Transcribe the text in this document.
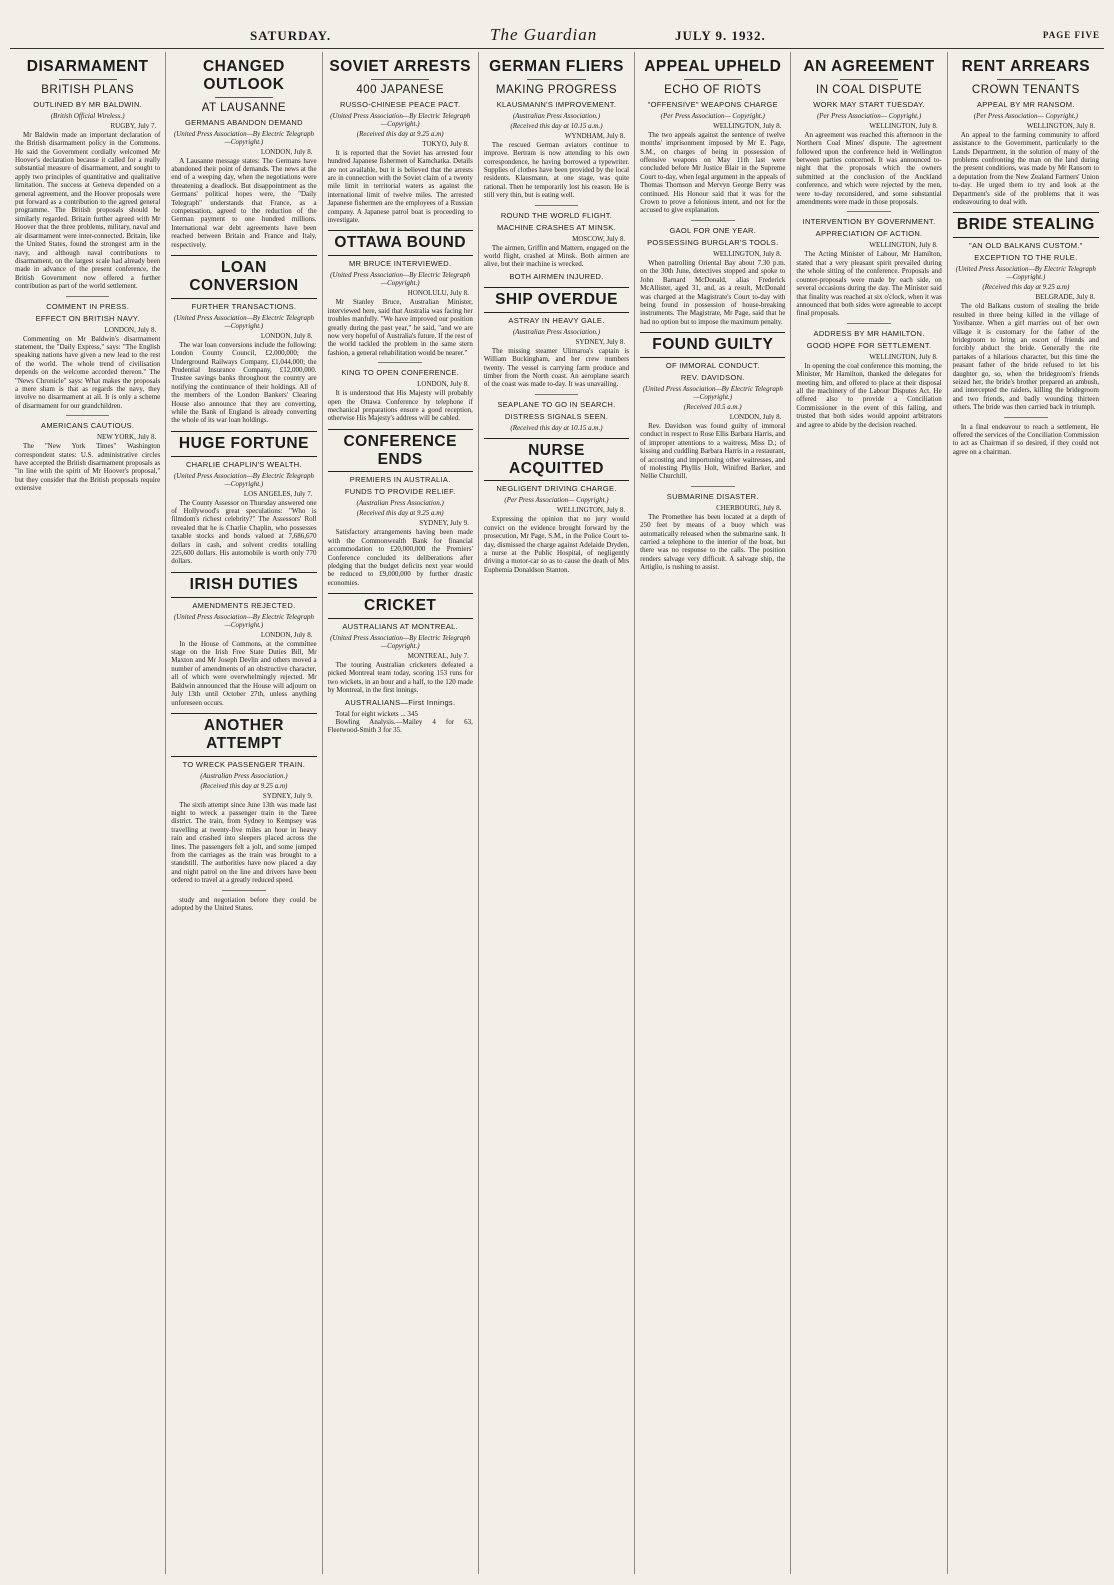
SATURDAY.	The Guardian	JULY 9. 1932.	PAGE FIVE
DISARMAMENT
BRITISH PLANS
OUTLINED BY MR BALDWIN.
(British Official Wireless.)
RUGBY, July 7.

Mr Baldwin made an important declaration of the British disarmament policy in the Commons. He said the Government cordially welcomed Mr Hoover's declaration because it called for a really substantial measure of disarmament, and sought to apply two principles of quantitative and qualitative limitation. The success at Geneva depended on a general agreement, and the Hoover proposals were put forward as a contribution to the agreed general programme. The British proposals should be similarly regarded. Britain further agreed with Mr Hoover that the three problems, military, naval and air disarmament were inter-connected. Britain, like the United States, found the strongest arm in the navy, and although naval contributions to disarmament, on the largest scale had already been made in advance of the present conference, the British Government now offered a further contribution as part of the world settlement.

COMMENT IN PRESS.
EFFECT ON BRITISH NAVY.
LONDON, July 8.

Commenting on Mr Baldwin's disarmament statement, the "Daily Express," says: "The English speaking nations have given a new lead to the rest of the world. The whole trend of civilisation depends on the welcome accorded thereon." The "News Chronicle" says: What makes the proposals a mere sham is that as regards the navy, they involve no disarmament at all. It is only a scheme of disarmament for our grandchildren.

AMERICANS CAUTIOUS.
NEW YORK, July 8.

The "New York Times" Washington correspondent states: U.S. administrative circles have accepted the British disarmament proposals as "in line with the spirit of Mr Hoover's proposal," but they consider that the British proposals require extensive

CHANGED OUTLOOK
AT LAUSANNE
GERMANS ABANDON DEMAND
(United Press Association—By Electric Telegraph—Copyright.)
LONDON, July 8.

A Lausanne message states: The Germans have abandoned their point of demands. The news at the end of a weeping day, when the negotiations were threatening a deadlock. But disappointment as the Germans' political hopes were, the "Daily Telegraph" understands that France, as a compensation, agreed to the reduction of the German payment to one hundred millions. International war debt agreements have been reached between Britain and France and Italy, respectively.

LOAN CONVERSION
FURTHER TRANSACTIONS.
(United Press Association—By Electric Telegraph—Copyright.)
LONDON, July 8.

The war loan conversions include the following: London County Council, £2,000,000; the Underground Railways Company, £1,044,000; the Prudential Insurance Company, £12,000,000. Trustee savings banks throughout the country are notifying the continuance of their holdings. All of the members of the London Bankers' Clearing House also announce that they are converting, while the Bank of England is already converting the whole of its war loan holdings.

HUGE FORTUNE
CHARLIE CHAPLIN'S WEALTH.
(United Press Association—By Electric Telegraph—Copyright.)
LOS ANGELES, July 7.

The County Assessor on Thursday answered one of Hollywood's great speculations: "Who is filmdom's richest celebrity?" The Assessors' Roll revealed that he is Charlie Chaplin, who possesses taxable stocks and bonds valued at 7,686,670 dollars in cash, and solvent credits totalling 225,600 dollars. His automobile is worth only 770 dollars.

IRISH DUTIES
AMENDMENTS REJECTED.
(United Press Association—By Electric Telegraph—Copyright.)
LONDON, July 8.

In the House of Commons, at the committee stage on the Irish Free State Duties Bill, Mr Maxton and Mr Joseph Devlin and others moved a number of amendments of an obstructive character, all of which were overwhelmingly rejected. Mr Baldwin announced that the House will adjourn on July 13th until October 27th, unless anything unforeseen occurs.

ANOTHER ATTEMPT
TO WRECK PASSENGER TRAIN.
(Australian Press Association.)
(Received this day at 9.25 a.m)
SYDNEY, July 9.

The sixth attempt since June 13th was made last night to wreck a passenger train in the Taree district. The train, from Sydney to Kempsey was travelling at twenty-five miles an hour in heavy rain and crashed into sleepers placed across the lines. The passengers felt a jolt, and some jumped from the carriages as the train was brought to a standstill. The authorities have now placed a day and night patrol on the line and drivers have been ordered to travel at a greatly reduced speed.

study and negotiation before they could be adopted by the United States.

SOVIET ARRESTS
400 JAPANESE
RUSSO-CHINESE PEACE PACT.
(United Press Association—By Electric Telegraph—Copyright.)
(Received this day at 9.25 a.m)
TOKYO, July 8.

It is reported that the Soviet has arrested four hundred Japanese fishermen of Kamchatka. Details are not available, but it is believed that the arrests are in connection with the Soviet claim of a twenty mile limit in territorial waters as against the international limit of twelve miles. The arrested Japanese fishermen are the employees of a Russian company. A Japanese patrol boat is proceeding to investigate.

OTTAWA BOUND
MR BRUCE INTERVIEWED.
(United Press Association—By Electric Telegraph—Copyright.)
HONOLULU, July 8.

Mr Stanley Bruce, Australian Minister, interviewed here, said that Australia was facing her troubles manfully. "We have improved our position greatly during the past year," he said, "and we are now very hopeful of Australia's future. If the rest of the world tackled the problem in the same stern fashion, a general rehabilitation would be nearer."

KING TO OPEN CONFERENCE.
LONDON, July 8.

It is understood that His Majesty will probably open the Ottawa Conference by telephone if mechanical preparations ensure a good reception, otherwise His Majesty's address will be cabled.

CONFERENCE ENDS
PREMIERS IN AUSTRALIA.
FUNDS TO PROVIDE RELIEF.
(Australian Press Association.)
(Received this day at 9.25 a.m)
SYDNEY, July 9.

Satisfactory arrangements having been made with the Commonwealth Bank for financial accommodation to £20,000,000 the Premiers' Conference concluded its deliberations after pledging that the budget deficits next year would be reduced to £9,000,000 by further drastic economies.

CRICKET
AUSTRALIANS AT MONTREAL.
(United Press Association—By Electric Telegraph—Copyright.)
MONTREAL, July 7.

The touring Australian cricketers defeated a picked Montreal team today, scoring 153 runs for two wickets, in an hour and a half, to the 120 made by Montreal, in the first innings.

AUSTRALIANS—First Innings.

Total for eight wickets ... 345

Bowling Analysis.—Mailey 4 for 63, Fleetwood-Smith 3 for 35.

GERMAN FLIERS
MAKING PROGRESS
KLAUSMANN'S IMPROVEMENT.
(Australian Press Association.)
(Received this day at 10.15 a.m.)
WYNDHAM, July 8.

The rescued German aviators continue to improve. Bertram is now attending to his own correspondence, he having borrowed a typewriter. Supplies of clothes have been provided by the local residents. Klausmann, at one stage, was quite rational. Then he temporarily lost his reason. He is still very thin, but is eating well.

ROUND THE WORLD FLIGHT.
MACHINE CRASHES AT MINSK.
MOSCOW, July 8.

The airmen, Griffin and Mattern, engaged on the world flight, crashed at Minsk. Both airmen are alive, but their machine is wrecked.

BOTH AIRMEN INJURED.
SHIP OVERDUE
ASTRAY IN HEAVY GALE.
(Australian Press Association.)
SYDNEY, July 8.

The missing steamer Ulimaroa's captain is William Buckingham, and her crew numbers twenty. The vessel is carrying farm produce and timber from the North coast. An aeroplane search of the coast was made to-day. It was unavailing.

SEAPLANE TO GO IN SEARCH.
DISTRESS SIGNALS SEEN.
(Received this day at 10.15 a.m.)
NURSE ACQUITTED
NEGLIGENT DRIVING CHARGE.
(Per Press Association— Copyright.)
WELLINGTON, July 8.

Expressing the opinion that no jury would convict on the evidence brought forward by the prosecution, Mr Page, S.M., in the Police Court to-day, dismissed the charge against Adelaide Dryden, a nurse at the Public Hospital, of negligently driving a motor-car so as to cause the death of Mrs Euphemia Donaldson Stanton.

APPEAL UPHELD
ECHO OF RIOTS
"OFFENSIVE" WEAPONS CHARGE
(Per Press Association— Copyright.)
WELLINGTON, July 8.

The two appeals against the sentence of twelve months' imprisonment imposed by Mr E. Page, S.M., on charges of being in possession of offensive weapons on May 11th last were concluded before Mr Justice Blair in the Supreme Court to-day, when legal argument in the appeals of Thomas Thomson and Mervyn George Berry was continued. His Honour said that it was for the Crown to prove a felonious intent, and not for the accused to give explanation.

GAOL FOR ONE YEAR.
POSSESSING BURGLAR'S TOOLS.
WELLINGTON, July 8.

When patrolling Oriental Bay about 7.30 p.m. on the 30th June, detectives stopped and spoke to John Barnard McDonald, alias Frederick McAllister, aged 31, and, as a result, McDonald was charged at the Magistrate's Court to-day with being found in possession of house-breaking instruments. The Magistrate, Mr Page, said that he had no option but to impose the maximum penalty.

FOUND GUILTY
OF IMMORAL CONDUCT.
REV. DAVIDSON.
(United Press Association—By Electric Telegraph—Copyright.)
(Received 10.5 a.m.)
LONDON, July 8.

Rev. Davidson was found guilty of immoral conduct in respect to Rose Ellis Barbara Harris, and of improper attentions to a waitress, Miss D.; of kissing and cuddling Barbara Harris in a restaurant, of accosting and importuning other waitresses, and of molesting Phyllis Holt, Winifred Barker, and Nellie Churchill.

SUBMARINE DISASTER.
CHERBOURG, July 8.

The Promethee has been located at a depth of 250 feet by means of a buoy which was automatically released when the submarine sank. It carried a telephone to the interior of the boat, but there was no response to the calls. The position renders salvage very difficult. A salvage ship, the Artiglio, is rushing to assist.

AN AGREEMENT
IN COAL DISPUTE
WORK MAY START TUESDAY.
(Per Press Association— Copyright.)
WELLINGTON, July 8.

An agreement was reached this afternoon in the Northern Coal Mines' dispute. The agreement followed upon the conference held in Wellington between parties concerned. It was announced to-night that the proposals which the owners submitted at the conclusion of the Auckland conference, and which were rejected by the men, were to-day reconsidered, and some substantial amendments were made in those proposals.

INTERVENTION BY GOVERNMENT.
APPRECIATION OF ACTION.
WELLINGTON, July 8.

The Acting Minister of Labour, Mr Hamilton, stated that a very pleasant spirit prevailed during the whole sitting of the conference. Proposals and counter-proposals were made by each side, on several occasions during the day. The Minister said that finality was reached at six o'clock, when it was announced that both sides were agreeable to accept final proposals.

ADDRESS BY MR HAMILTON.
GOOD HOPE FOR SETTLEMENT.
WELLINGTON, July 8.

In opening the coal conference this morning, the Minister, Mr Hamilton, thanked the delegates for meeting him, and offered to place at their disposal all the machinery of the Labour Disputes Act. He offered also to provide a Conciliation Commissioner in the event of this failing, and trusted that both sides would appoint arbitrators and agree to abide by the decision reached.

RENT ARREARS
CROWN TENANTS
APPEAL BY MR RANSOM.
(Per Press Association— Copyright.)
WELLINGTON, July 8.

An appeal to the farming community to afford assistance to the Government, particularly to the Lands Department, in the solution of many of the problems confronting the man on the land during the present conditions, was made by Mr Ransom to a deputation from the New Zealand Farmers' Union to-day. He urged them to try and look at the Department's side of the problems that it was endeavouring to deal with.

BRIDE STEALING
"AN OLD BALKANS CUSTOM."
EXCEPTION TO THE RULE.
(United Press Association—By Electric Telegraph—Copyright.)
(Received this day at 9.25 a.m)
BELGRADE, July 8.

The old Balkans custom of stealing the bride resulted in three being killed in the village of Yovibanze. When a girl marries out of her own village it is customary for the father of the bridegroom to bring an escort of friends and forcibly abduct the bride. Generally the rite partakes of a hilarious character, but this time the peasant father of the bride refused to let his daughter go, so, when the bridegroom's friends seized her, the bride's brother prepared an ambush, and intercepted the raiders, killing the bridegroom and two friends, and badly wounding thirteen others. The bride was then carried back in triumph.

In a final endeavour to reach a settlement, He offered the services of the Conciliation Commission to act as Chairman if so desired, if they could not agree on a chairman.
